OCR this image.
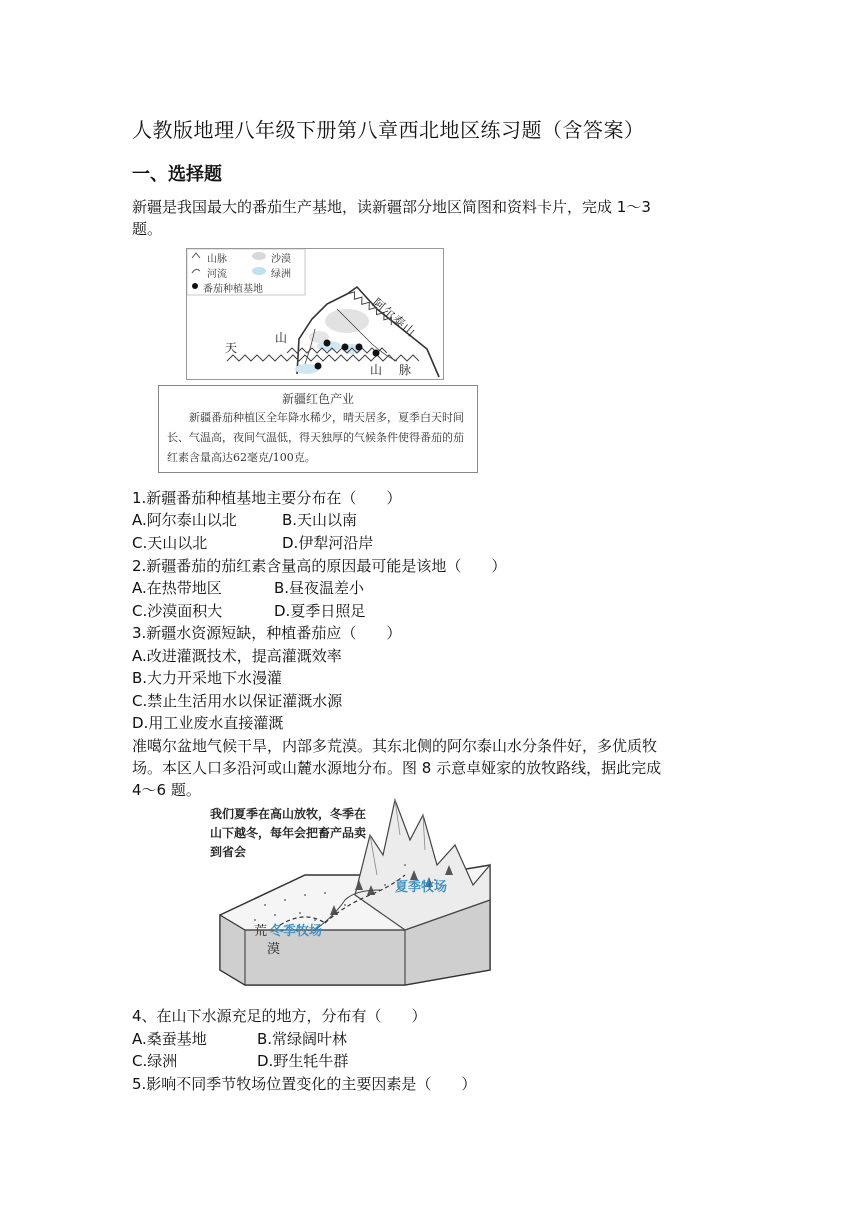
人教版地理八年级下册第八章西北地区练习题（含答案）
一、选择题
新疆是我国最大的番茄生产基地，读新疆部分地区简图和资料卡片，完成 1～3
题。
山脉	沙漠
河流	绿洲
番茄种植基地
阿尔泰山
天
山
山 脉
新疆红色产业
新疆番茄种植区全年降水稀少，晴天居多，夏季白天时间长、气温高，夜间气温低，得天独厚的气候条件使得番茄的茄红素含量高达62毫克/100克。
1.新疆番茄种植基地主要分布在（　　）
A.阿尔泰山以北	B.天山以南
C.天山以北	D.伊犁河沿岸
2.新疆番茄的茄红素含量高的原因最可能是该地（　　）
A.在热带地区	B.昼夜温差小
C.沙漠面积大	D.夏季日照足
3.新疆水资源短缺，种植番茄应（　　）
A.改进灌溉技术，提高灌溉效率
B.大力开采地下水漫灌
C.禁止生活用水以保证灌溉水源
D.用工业废水直接灌溉
准噶尔盆地气候干旱，内部多荒漠。其东北侧的阿尔泰山水分条件好，多优质牧
场。本区人口多沿河或山麓水源地分布。图 8 示意卓娅家的放牧路线，据此完成
4～6 题。
我们夏季在高山放牧，冬季在山下越冬，每年会把畜产品卖到省会
夏季牧场
冬季牧场
荒
漠
4、在山下水源充足的地方，分布有（　　）
A.桑蚕基地	B.常绿阔叶林
C.绿洲	D.野生牦牛群
5.影响不同季节牧场位置变化的主要因素是（　　）
